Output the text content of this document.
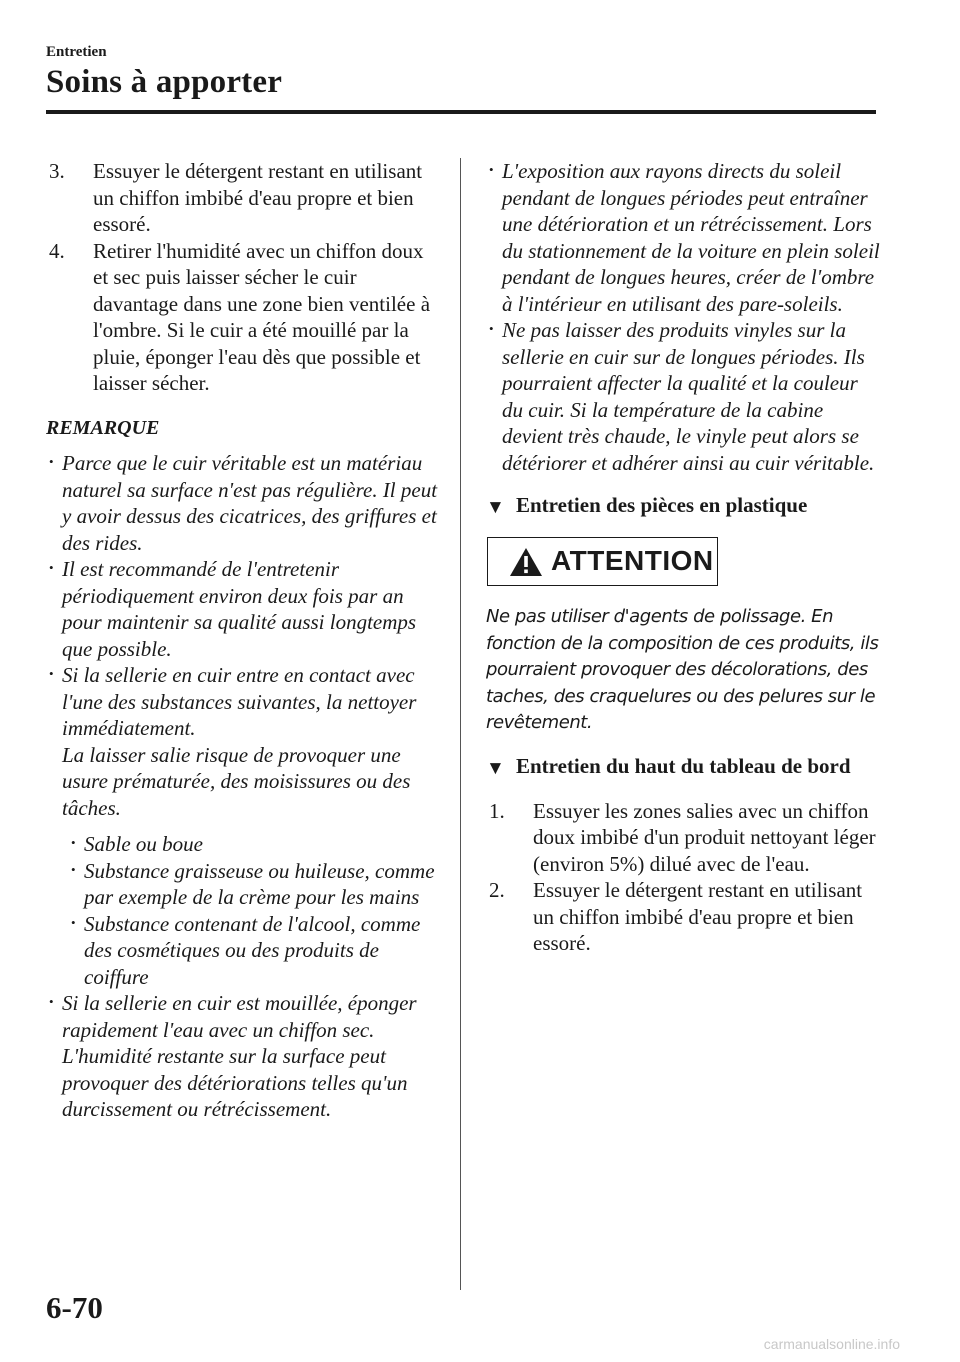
Entretien
Soins à apporter
3. Essuyer le détergent restant en utilisant un chiffon imbibé d'eau propre et bien essoré.
4. Retirer l'humidité avec un chiffon doux et sec puis laisser sécher le cuir davantage dans une zone bien ventilée à l'ombre. Si le cuir a été mouillé par la pluie, éponger l'eau dès que possible et laisser sécher.
REMARQUE
• Parce que le cuir véritable est un matériau naturel sa surface n'est pas régulière. Il peut y avoir dessus des cicatrices, des griffures et des rides.
• Il est recommandé de l'entretenir périodiquement environ deux fois par an pour maintenir sa qualité aussi longtemps que possible.
• Si la sellerie en cuir entre en contact avec l'une des substances suivantes, la nettoyer immédiatement.
La laisser salie risque de provoquer une usure prématurée, des moisissures ou des tâches.
• Sable ou boue
• Substance graisseuse ou huileuse, comme par exemple de la crème pour les mains
• Substance contenant de l'alcool, comme des cosmétiques ou des produits de coiffure
• Si la sellerie en cuir est mouillée, éponger rapidement l'eau avec un chiffon sec. L'humidité restante sur la surface peut provoquer des détériorations telles qu'un durcissement ou rétrécissement.
• L'exposition aux rayons directs du soleil pendant de longues périodes peut entraîner une détérioration et un rétrécissement. Lors du stationnement de la voiture en plein soleil pendant de longues heures, créer de l'ombre à l'intérieur en utilisant des pare-soleils.
• Ne pas laisser des produits vinyles sur la sellerie en cuir sur de longues périodes. Ils pourraient affecter la qualité et la couleur du cuir. Si la température de la cabine devient très chaude, le vinyle peut alors se détériorer et adhérer ainsi au cuir véritable.
▼ Entretien des pièces en plastique
ATTENTION
Ne pas utiliser d'agents de polissage. En fonction de la composition de ces produits, ils pourraient provoquer des décolorations, des taches, des craquelures ou des pelures sur le revêtement.
▼ Entretien du haut du tableau de bord
1. Essuyer les zones salies avec un chiffon doux imbibé d'un produit nettoyant léger (environ 5%) dilué avec de l'eau.
2. Essuyer le détergent restant en utilisant un chiffon imbibé d'eau propre et bien essoré.
6-70
carmanualsonline.info
